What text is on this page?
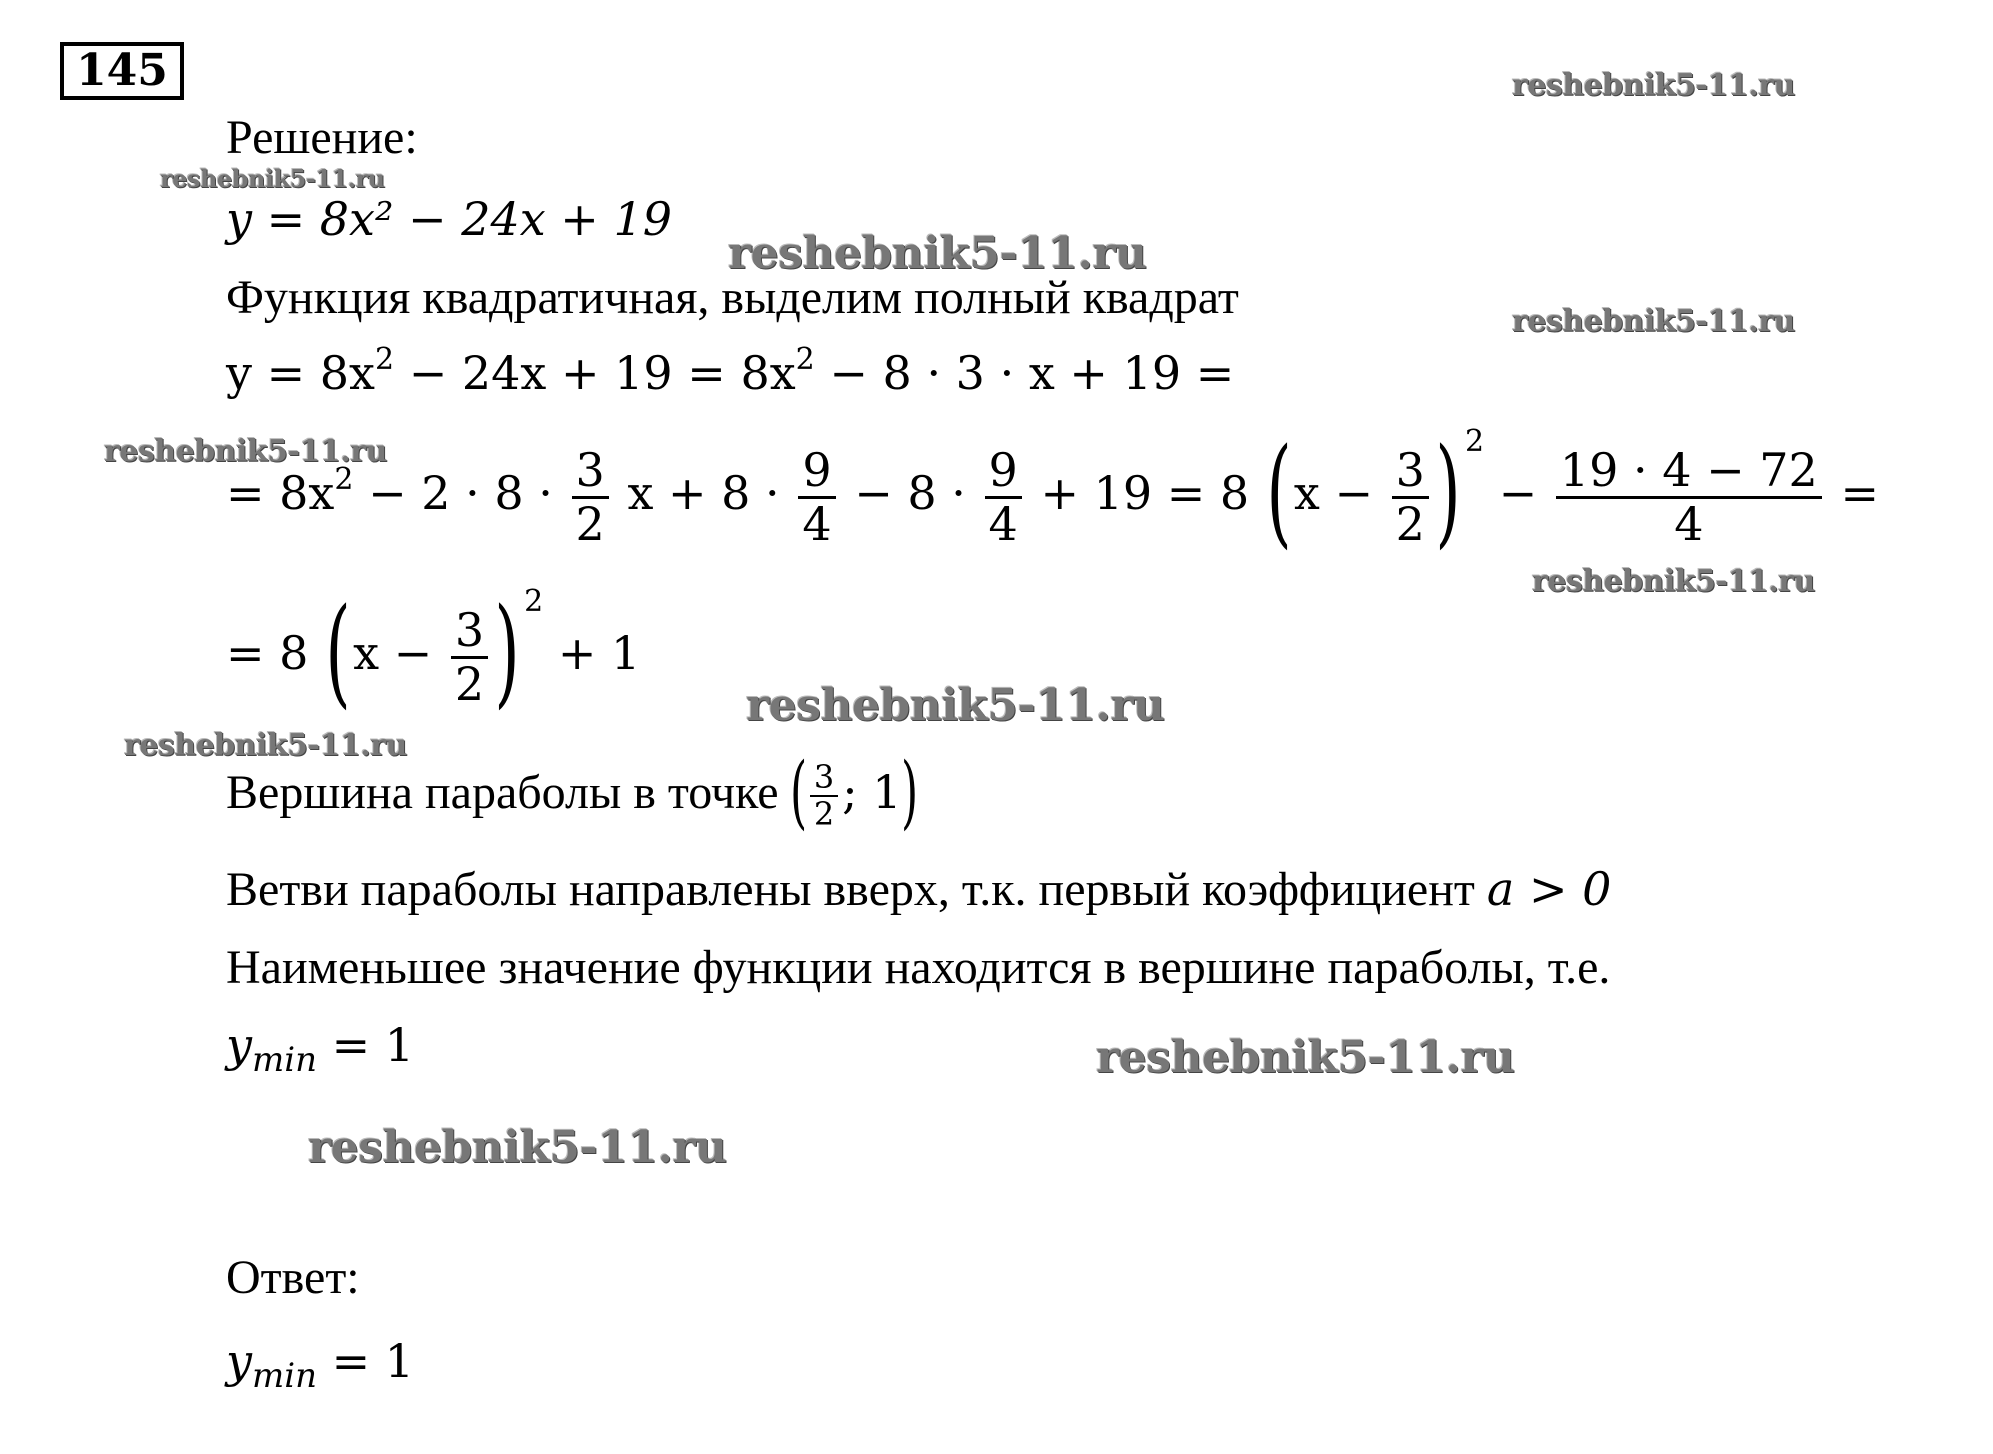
145	reshebnik5-11.ru
reshebnik5-11.ru
reshebnik5-11.ru
reshebnik5-11.ru
reshebnik5-11.ru
reshebnik5-11.ru
reshebnik5-11.ru
reshebnik5-11.ru
reshebnik5-11.ru
reshebnik5-11.ru
Решение:
y = 8x² − 24x + 19
Функция квадратичная, выделим полный квадрат
$y = 8x^2 - 24x + 19 = 8x^2 - 8 \cdot 3 \cdot x + 19$ =
= $8x^2 - 2 \cdot 8 \cdot \frac{3}{2}$ $x + 8 \cdot \frac{9}{4} - 8 \cdot \frac{9}{4} + 19 = 8$ ($x - \frac{3}{2}$ ) $^2 - \frac{19 \cdot 4 - 72}{4}$ =
= 8 ($x - \frac{3}{2}$ ) $^2$ + 1
Вершина параболы в точке ( $\frac{3}{2}$ ; 1)
Ветви параболы направлены вверх, т.к. первый коэффициент a > 0
Наименьшее значение функции находится в вершине параболы, т.е.
$y_{min} = 1$
Ответ:
$y_{min} = 1$
